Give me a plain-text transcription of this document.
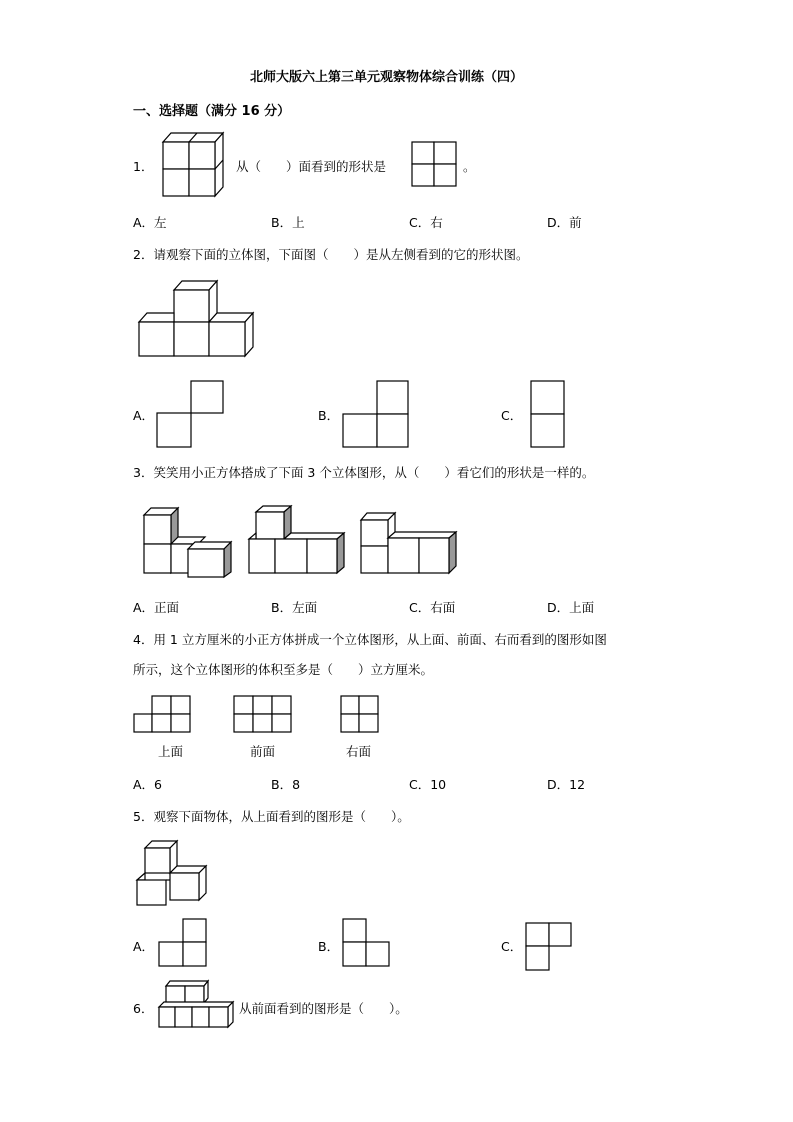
北师大版六上第三单元观察物体综合训练（四）
一、选择题（满分 16 分）
1．	从（　　）面看到的形状是	。
A．左	B．上	C．右	D．前
2．请观察下面的立体图，下面图（　　）是从左侧看到的它的形状图。
A．	B．	C．
3．笑笑用小正方体搭成了下面 3 个立体图形，从（　　）看它们的形状是一样的。
A．正面	B．左面	C．右面	D．上面
4．用 1 立方厘米的小正方体拼成一个立体图形，从上面、前面、右而看到的图形如图
所示，这个立体图形的体积至多是（　　）立方厘米。
上面	前面	右面
A．6	B．8	C．10	D．12
5．观察下面物体，从上面看到的图形是（　　）。
A．	B．	C．
6．	从前面看到的图形是（　　）。
